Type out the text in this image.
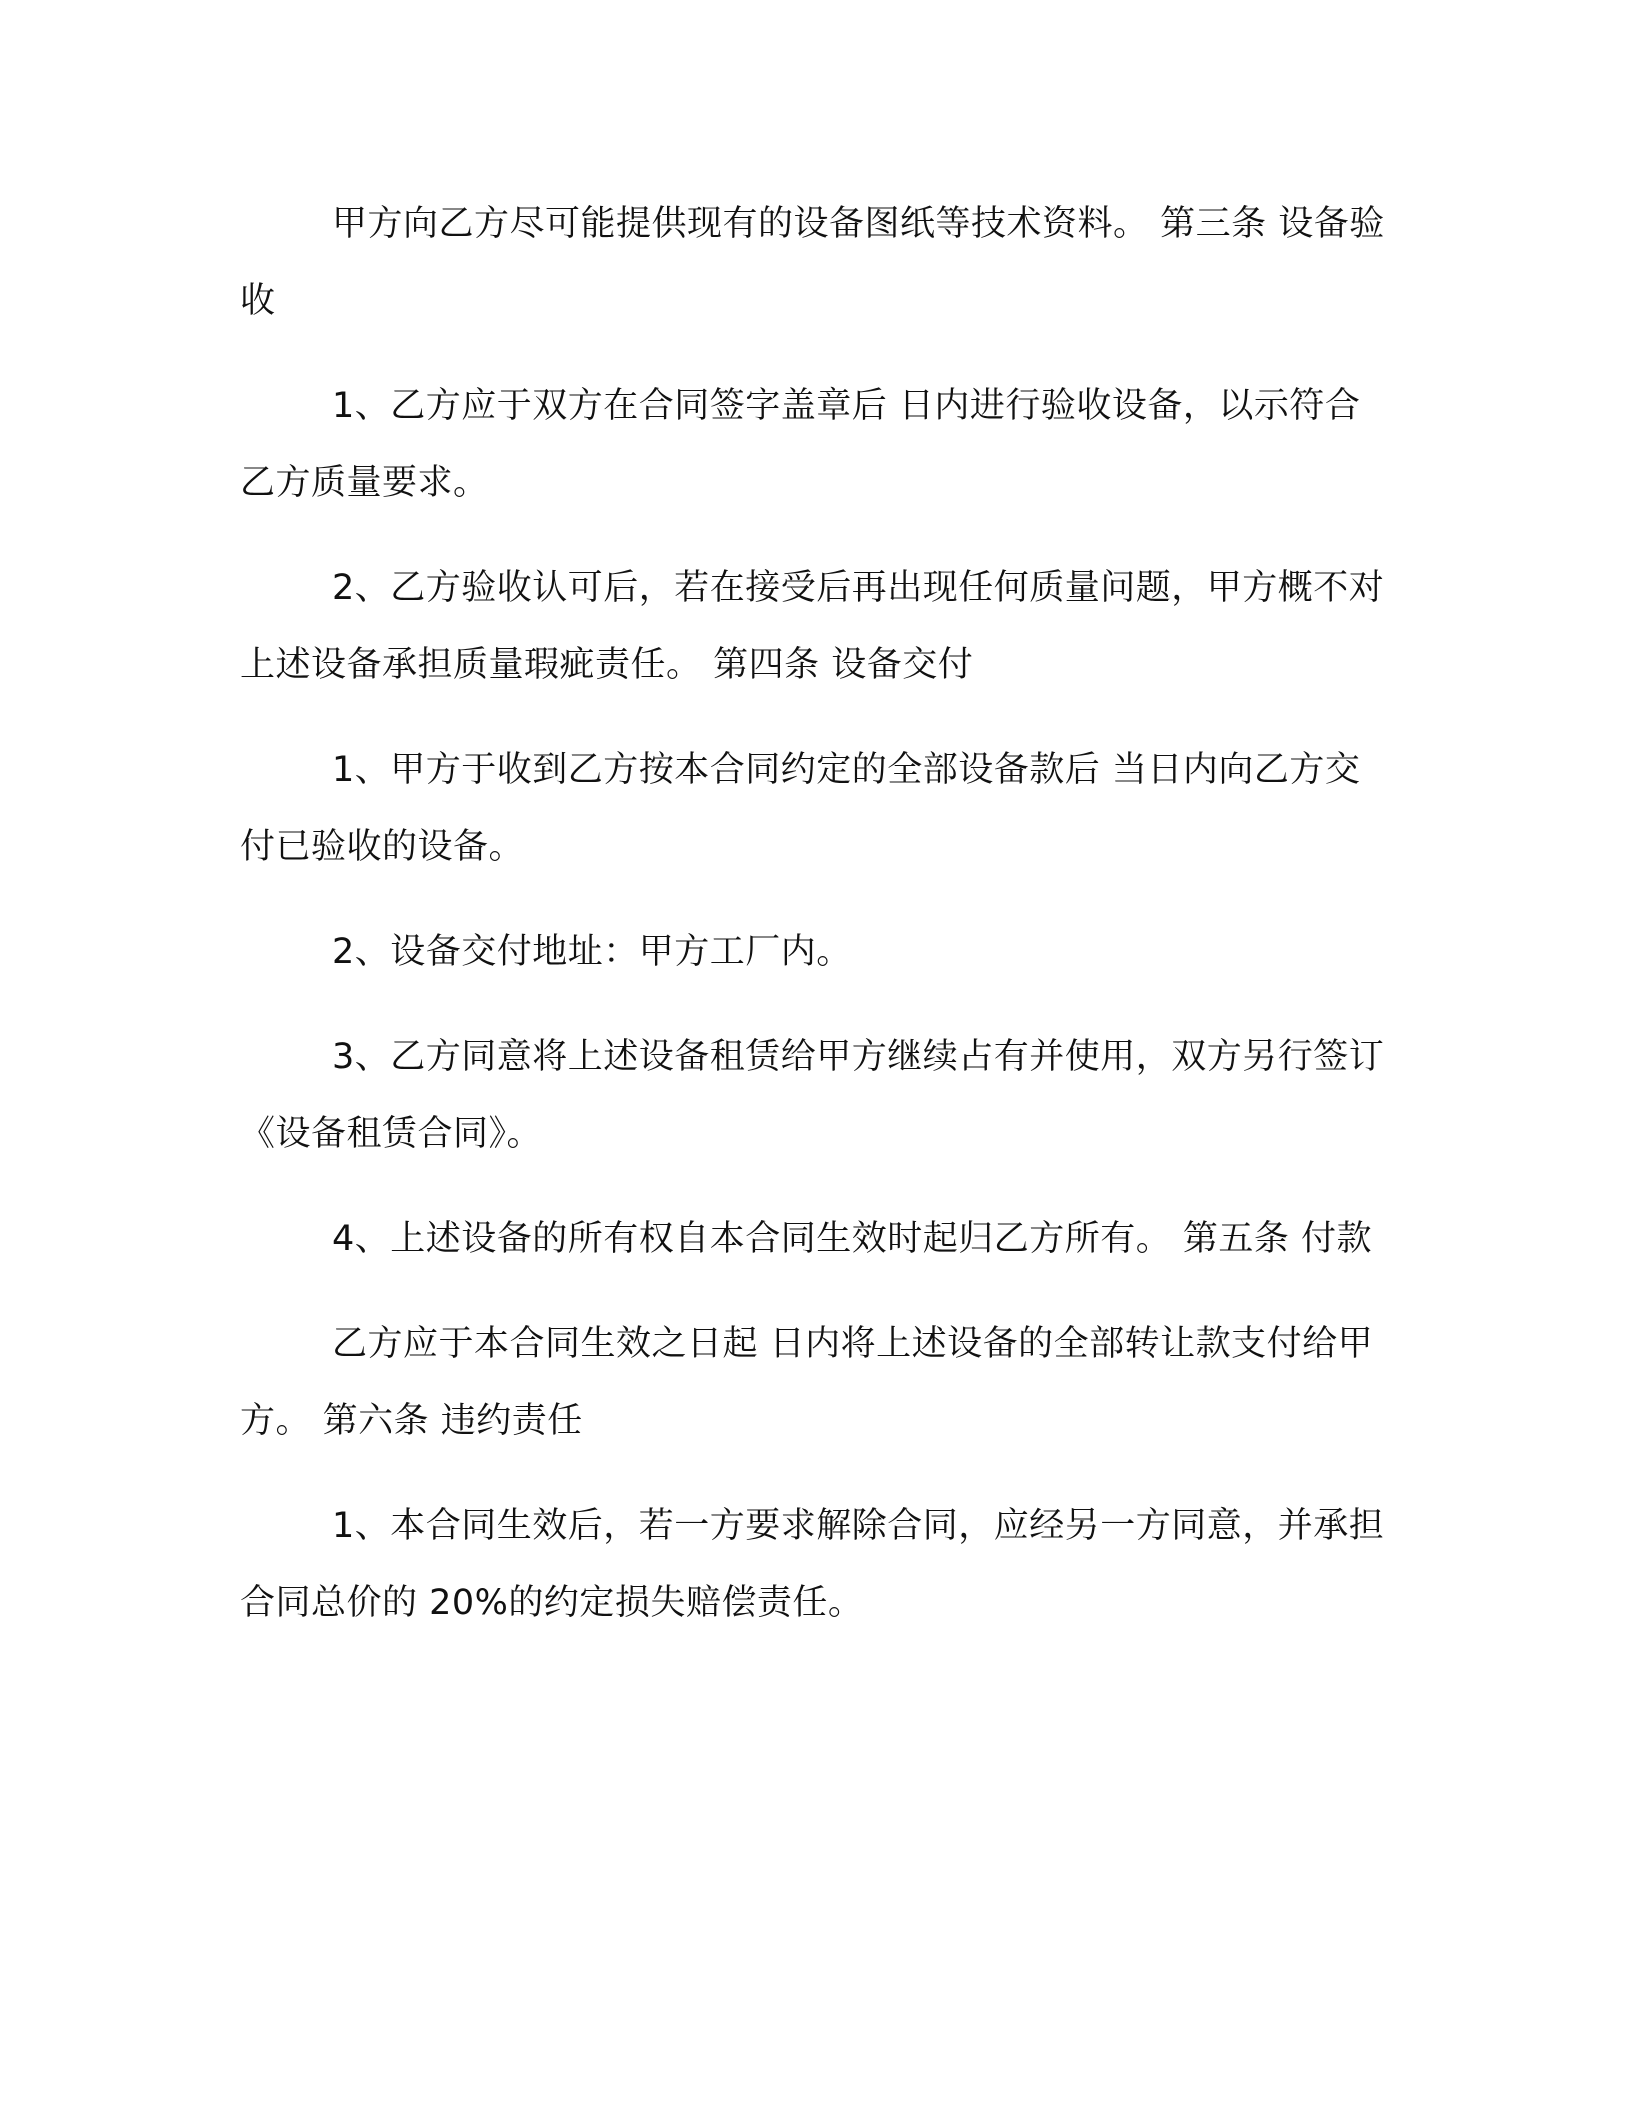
甲方向乙方尽可能提供现有的设备图纸等技术资料。 第三条 设备验收

1、乙方应于双方在合同签字盖章后 日内进行验收设备，以示符合乙方质量要求。

2、乙方验收认可后，若在接受后再出现任何质量问题，甲方概不对上述设备承担质量瑕疵责任。 第四条 设备交付

1、甲方于收到乙方按本合同约定的全部设备款后 当日内向乙方交付已验收的设备。

2、设备交付地址：甲方工厂内。

3、乙方同意将上述设备租赁给甲方继续占有并使用，双方另行签订《设备租赁合同》。

4、上述设备的所有权自本合同生效时起归乙方所有。 第五条 付款

乙方应于本合同生效之日起 日内将上述设备的全部转让款支付给甲方。 第六条 违约责任

1、本合同生效后，若一方要求解除合同，应经另一方同意，并承担合同总价的 20%的约定损失赔偿责任。
